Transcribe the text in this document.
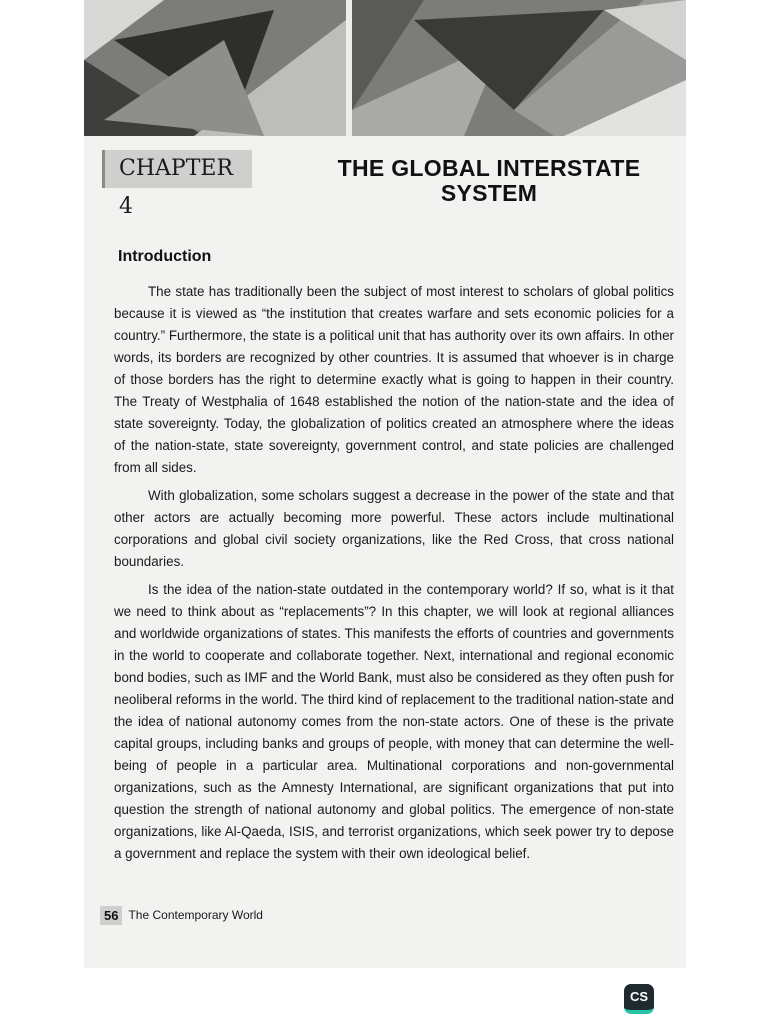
CHAPTER 4
THE GLOBAL INTERSTATE
SYSTEM
Introduction

The state has traditionally been the subject of most interest to scholars of global politics because it is viewed as “the institution that creates warfare and sets economic policies for a country.” Furthermore, the state is a political unit that has authority over its own affairs. In other words, its borders are recognized by other countries. It is assumed that whoever is in charge of those borders has the right to determine exactly what is going to happen in their country. The Treaty of Westphalia of 1648 established the notion of the nation-state and the idea of state sovereignty. Today, the globalization of politics created an atmosphere where the ideas of the nation-state, state sovereignty, government control, and state policies are challenged from all sides.

With globalization, some scholars suggest a decrease in the power of the state and that other actors are actually becoming more powerful. These actors include multinational corporations and global civil society organizations, like the Red Cross, that cross national boundaries.

Is the idea of the nation-state outdated in the contemporary world? If so, what is it that we need to think about as “replacements”? In this chapter, we will look at regional alliances and worldwide organizations of states. This manifests the efforts of countries and governments in the world to cooperate and collaborate together. Next, international and regional economic bond bodies, such as IMF and the World Bank, must also be considered as they often push for neoliberal reforms in the world. The third kind of replacement to the traditional nation-state and the idea of national autonomy comes from the non-state actors. One of these is the private capital groups, including banks and groups of people, with money that can determine the well-being of people in a particular area. Multinational corporations and non-governmental organizations, such as the Amnesty International, are significant organizations that put into question the strength of national autonomy and global politics. The emergence of non-state organizations, like Al-Qaeda, ISIS, and terrorist organizations, which seek power try to depose a government and replace the system with their own ideological belief.

56 The Contemporary World
CS
